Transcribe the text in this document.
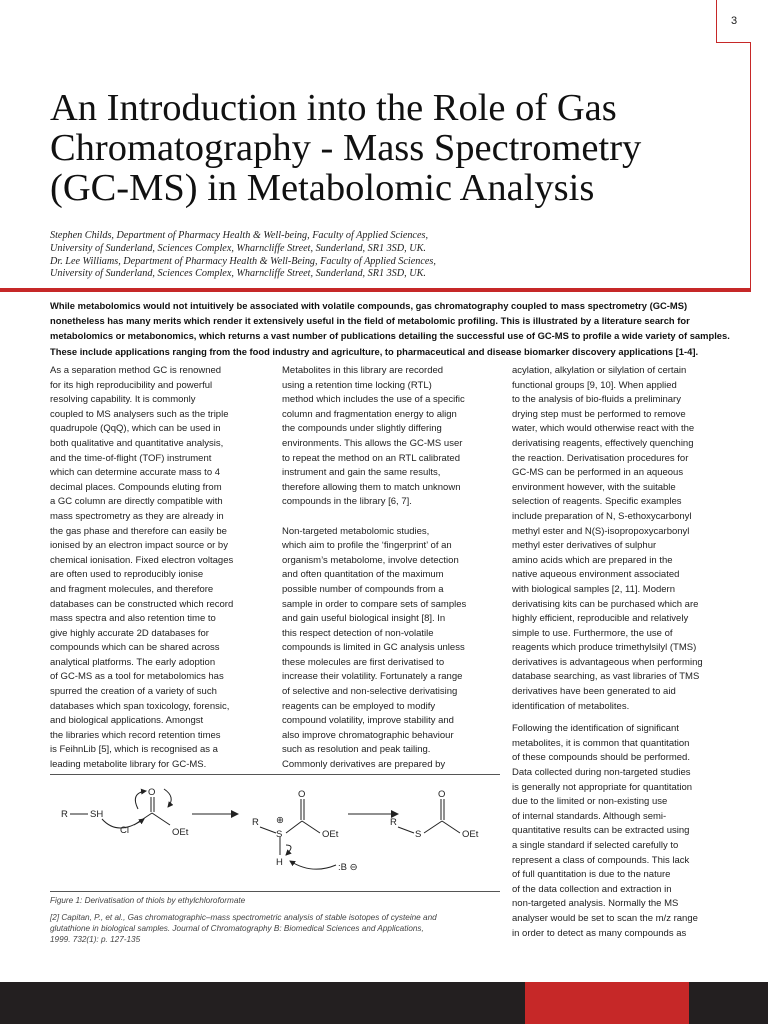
3
An Introduction into the Role of Gas
Chromatography - Mass Spectrometry
(GC-MS) in Metabolomic Analysis
Stephen Childs, Department of Pharmacy Health & Well-being, Faculty of Applied Sciences,
University of Sunderland, Sciences Complex, Wharncliffe Street, Sunderland, SR1 3SD, UK.
Dr. Lee Williams, Department of Pharmacy Health & Well-Being, Faculty of Applied Sciences,
University of Sunderland, Sciences Complex, Wharncliffe Street, Sunderland, SR1 3SD, UK.
While metabolomics would not intuitively be associated with volatile compounds, gas chromatography coupled to mass spectrometry (GC-MS)
nonetheless has many merits which render it extensively useful in the field of metabolomic profiling. This is illustrated by a literature search for
metabolomics or metabonomics, which returns a vast number of publications detailing the successful use of GC-MS to profile a wide variety of samples.
These include applications ranging from the food industry and agriculture, to pharmaceutical and disease biomarker discovery applications [1-4].
As a separation method GC is renowned
for its high reproducibility and powerful
resolving capability. It is commonly
coupled to MS analysers such as the triple
quadrupole (QqQ), which can be used in
both qualitative and quantitative analysis,
and the time-of-flight (TOF) instrument
which can determine accurate mass to 4
decimal places. Compounds eluting from
a GC column are directly compatible with
mass spectrometry as they are already in
the gas phase and therefore can easily be
ionised by an electron impact source or by
chemical ionisation. Fixed electron voltages
are often used to reproducibly ionise
and fragment molecules, and therefore
databases can be constructed which record
mass spectra and also retention time to
give highly accurate 2D databases for
compounds which can be shared across
analytical platforms. The early adoption
of GC-MS as a tool for metabolomics has
spurred the creation of a variety of such
databases which span toxicology, forensic,
and biological applications. Amongst
the libraries which record retention times
is FeihnLib [5], which is recognised as a
leading metabolite library for GC-MS.
Metabolites in this library are recorded
using a retention time locking (RTL)
method which includes the use of a specific
column and fragmentation energy to align
the compounds under slightly differing
environments. This allows the GC-MS user
to repeat the method on an RTL calibrated
instrument and gain the same results,
therefore allowing them to match unknown
compounds in the library [6, 7].
Non-targeted metabolomic studies,
which aim to profile the ‘fingerprint’ of an
organism’s metabolome, involve detection
and often quantitation of the maximum
possible number of compounds from a
sample in order to compare sets of samples
and gain useful biological insight [8]. In
this respect detection of non-volatile
compounds is limited in GC analysis unless
these molecules are first derivatised to
increase their volatility. Fortunately a range
of selective and non-selective derivatising
reagents can be employed to modify
compound volatility, improve stability and
also improve chromatographic behaviour
such as resolution and peak tailing.
Commonly derivatives are prepared by
acylation, alkylation or silylation of certain
functional groups [9, 10]. When applied
to the analysis of bio-fluids a preliminary
drying step must be performed to remove
water, which would otherwise react with the
derivatising reagents, effectively quenching
the reaction. Derivatisation procedures for
GC-MS can be performed in an aqueous
environment however, with the suitable
selection of reagents. Specific examples
include preparation of N, S-ethoxycarbonyl
methyl ester and N(S)-isopropoxycarbonyl
methyl ester derivatives of sulphur
amino acids which are prepared in the
native aqueous environment associated
with biological samples [2, 11]. Modern
derivatising kits can be purchased which are
highly efficient, reproducible and relatively
simple to use. Furthermore, the use of
reagents which produce trimethylsilyl (TMS)
derivatives is advantageous when performing
database searching, as vast libraries of TMS
derivatives have been generated to aid
identification of metabolites.
Following the identification of significant
metabolites, it is common that quantitation
of these compounds should be performed.
Data collected during non-targeted studies
is generally not appropriate for quantitation
due to the limited or non-existing use
of internal standards. Although semi-
quantitative results can be extracted using
a single standard if selected carefully to
represent a class of compounds. This lack
of full quantitation is due to the nature
of the data collection and extraction in
non-targeted analysis. Normally the MS
analyser would be set to scan the m/z range
in order to detect as many compounds as
R SH
O
Cl	OEt
R ⊕
S
O
OEt
H	:B ⊖
R
S
O
OEt
Figure 1: Derivatisation of thiols by ethylchloroformate
[2] Capitan, P., et al., Gas chromatographic–mass spectrometric analysis of stable isotopes of cysteine and
glutathione in biological samples. Journal of Chromatography B: Biomedical Sciences and Applications,
1999. 732(1): p. 127-135
